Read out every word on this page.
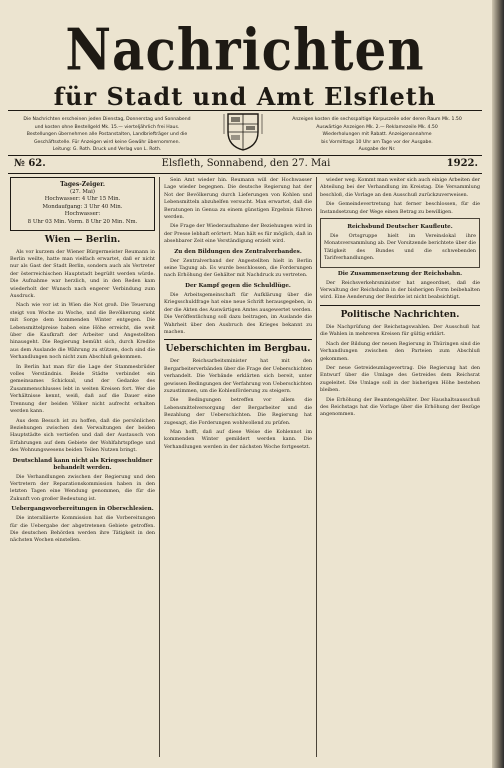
Nachrichten
für Stadt und Amt Elsfleth
Die Nachrichten erscheinen jeden Dienstag, Donnerstag und Sonnabend
und kosten ohne Bestellgeld Mk. 15.— vierteljährlich frei Haus.
Bestellungen übernehmen alle Postanstalten, Landbriefträger und die
Geschäftsstelle. Für Anzeigen wird keine Gewähr übernommen.
Leitung: G. Roth. Druck und Verlag von L. Roth.
Anzeigen kosten die sechsspaltige Korpuszeile oder deren Raum Mk. 1.50
Auswärtige Anzeigen Mk. 2.— Reklamezeile Mk. 4.50
Wiederholungen mit Rabatt. Anzeigenannahme
bis Vormittags 10 Uhr am Tage vor der Ausgabe.
Ausgabe der Nr.
№ 62.	Elsfleth, Sonnabend, den 27. Mai	1922.
Tages-Zeiger.
(27. Mai)
Hochwasser: 4 Uhr 15 Min.
Mondaufgang: 3 Uhr 40 Min.
Hochwasser:
8 Uhr 03 Min. Vorm. 8 Uhr 20 Min. Nm.
Wien — Berlin.

Als vor kurzem der Wiener Bürgermeister Reumann in Berlin weilte, hatte man vielfach erwartet, daß er nicht nur als Gast der Stadt Berlin, sondern auch als Vertreter der österreichischen Hauptstadt begrüßt werden würde. Die Aufnahme war herzlich, und in den Reden kam wiederholt der Wunsch nach engerer Verbindung zum Ausdruck.

Nach wie vor ist in Wien die Not groß. Die Teuerung steigt von Woche zu Woche, und die Bevölkerung sieht mit Sorge dem kommenden Winter entgegen. Die Lebensmittelpreise haben eine Höhe erreicht, die weit über die Kaufkraft der Arbeiter und Angestellten hinausgeht. Die Regierung bemüht sich, durch Kredite aus dem Auslande die Währung zu stützen, doch sind die Verhandlungen noch nicht zum Abschluß gekommen.

In Berlin hat man für die Lage der Stammesbrüder volles Verständnis. Beide Städte verbindet ein gemeinsames Schicksal, und der Gedanke des Zusammenschlusses lebt in weiten Kreisen fort. Wer die Verhältnisse kennt, weiß, daß auf die Dauer eine Trennung der beiden Völker nicht aufrecht erhalten werden kann.

Aus dem Besuch ist zu hoffen, daß die persönlichen Beziehungen zwischen den Verwaltungen der beiden Hauptstädte sich vertiefen und daß der Austausch von Erfahrungen auf dem Gebiete der Wohlfahrtspflege und des Wohnungswesens beiden Teilen Nutzen bringt.

Deutschland kann nicht als Kriegsschuldner behandelt werden.

Die Verhandlungen zwischen der Regierung und den Vertretern der Reparationskommission haben in den letzten Tagen eine Wendung genommen, die für die Zukunft von großer Bedeutung ist.

Uebergangsvorbereitungen in Oberschlesien.

Die interalliierte Kommission hat die Vorbereitungen für die Uebergabe der abgetretenen Gebiete getroffen. Die deutschen Behörden werden ihre Tätigkeit in den nächsten Wochen einstellen.

Sein Amt wieder hin. Reumann will der Hochwasser Lage wieder begegnen. Die deutsche Regierung hat der Not der Bevölkerung durch Lieferungen von Kohlen und Lebensmitteln abzuhelfen versucht. Man erwartet, daß die Beratungen in Genua zu einem günstigen Ergebnis führen werden.

Die Frage der Wiederaufnahme der Beziehungen wird in der Presse lebhaft erörtert. Man hält es für möglich, daß in absehbarer Zeit eine Verständigung erzielt wird.

Zu den Bildungen des Zentralverbandes.

Der Zentralverband der Angestellten hielt in Berlin seine Tagung ab. Es wurde beschlossen, die Forderungen nach Erhöhung der Gehälter mit Nachdruck zu vertreten.

Der Kampf gegen die Schuldlüge.

Die Arbeitsgemeinschaft für Aufklärung über die Kriegsschuldfrage hat eine neue Schrift herausgegeben, in der die Akten des Auswärtigen Amtes ausgewertet werden. Die Veröffentlichung soll dazu beitragen, im Auslande die Wahrheit über den Ausbruch des Krieges bekannt zu machen.

Ueberschichten im Bergbau.

Der Reichsarbeitsminister hat mit den Bergarbeiterverbänden über die Frage der Ueberschichten verhandelt. Die Verbände erklärten sich bereit, unter gewissen Bedingungen der Verfahrung von Ueberschichten zuzustimmen, um die Kohlenförderung zu steigern.

Die Bedingungen betreffen vor allem die Lebensmittelversorgung der Bergarbeiter und die Bezahlung der Ueberschichten. Die Regierung hat zugesagt, die Forderungen wohlwollend zu prüfen.

Man hofft, daß auf diese Weise die Kohlennot im kommenden Winter gemildert werden kann. Die Verhandlungen werden in der nächsten Woche fortgesetzt.

wieder weg. Kommt man weiter sich auch einige Arbeiten der Abteilung bei der Verhandlung im Kreistag. Die Versammlung beschloß, die Vorlage an den Ausschuß zurückzuverweisen.

Die Gemeindevertretung hat ferner beschlossen, für die Instandsetzung der Wege einen Betrag zu bewilligen.

Reichsbund Deutscher Kaufleute.

Die Ortsgruppe hielt im Vereinslokal ihre Monatsversammlung ab. Der Vorsitzende berichtete über die Tätigkeit des Bundes und die schwebenden Tarifverhandlungen.

Die Zusammensetzung der Reichsbahn.

Der Reichsverkehrsminister hat angeordnet, daß die Verwaltung der Reichsbahn in der bisherigen Form beibehalten wird. Eine Aenderung der Bezirke ist nicht beabsichtigt.

Politische Nachrichten.

Die Nachprüfung der Reichstagswahlen. Der Ausschuß hat die Wahlen in mehreren Kreisen für gültig erklärt.

Nach der Bildung der neuen Regierung in Thüringen sind die Verhandlungen zwischen den Parteien zum Abschluß gekommen.

Der neue Getreideumlagevertrag. Die Regierung hat den Entwurf über die Umlage des Getreides dem Reichsrat zugeleitet. Die Umlage soll in der bisherigen Höhe bestehen bleiben.

Die Erhöhung der Beamtengehälter. Der Haushaltsausschuß des Reichstags hat die Vorlage über die Erhöhung der Bezüge angenommen.
